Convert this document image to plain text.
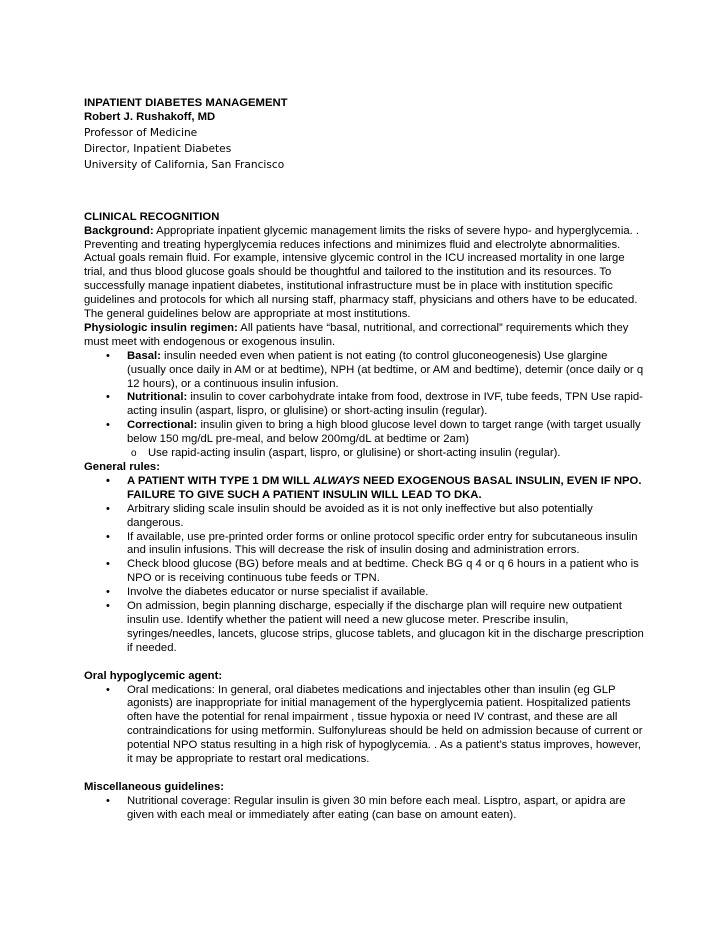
INPATIENT DIABETES MANAGEMENT

Robert J. Rushakoff, MD

Professor of Medicine

Director, Inpatient Diabetes

University of California, San Francisco

CLINICAL RECOGNITION

Background: Appropriate inpatient glycemic management limits the risks of severe hypo- and hyperglycemia. . Preventing and treating hyperglycemia reduces infections and minimizes fluid and electrolyte abnormalities. Actual goals remain fluid. For example, intensive glycemic control in the ICU increased mortality in one large trial, and thus blood glucose goals should be thoughtful and tailored to the institution and its resources. To successfully manage inpatient diabetes, institutional infrastructure must be in place with institution specific guidelines and protocols for which all nursing staff, pharmacy staff, physicians and others have to be educated. The general guidelines below are appropriate at most institutions.

Physiologic insulin regimen: All patients have “basal, nutritional, and correctional” requirements which they must meet with endogenous or exogenous insulin.

• Basal: insulin needed even when patient is not eating (to control gluconeogenesis) Use glargine (usually once daily in AM or at bedtime), NPH (at bedtime, or AM and bedtime), detemir (once daily or q 12 hours), or a continuous insulin infusion.
• Nutritional: insulin to cover carbohydrate intake from food, dextrose in IVF, tube feeds, TPN Use rapid-acting insulin (aspart, lispro, or glulisine) or short-acting insulin (regular).
• Correctional: insulin given to bring a high blood glucose level down to target range (with target usually below 150 mg/dL pre-meal, and below 200mg/dL at bedtime or 2am)
o Use rapid-acting insulin (aspart, lispro, or glulisine) or short-acting insulin (regular).

General rules:

• A PATIENT WITH TYPE 1 DM WILL ALWAYS NEED EXOGENOUS BASAL INSULIN, EVEN IF NPO. FAILURE TO GIVE SUCH A PATIENT INSULIN WILL LEAD TO DKA.
• Arbitrary sliding scale insulin should be avoided as it is not only ineffective but also potentially dangerous.
• If available, use pre-printed order forms or online protocol specific order entry for subcutaneous insulin and insulin infusions. This will decrease the risk of insulin dosing and administration errors.
• Check blood glucose (BG) before meals and at bedtime. Check BG q 4 or q 6 hours in a patient who is NPO or is receiving continuous tube feeds or TPN.
• Involve the diabetes educator or nurse specialist if available.
• On admission, begin planning discharge, especially if the discharge plan will require new outpatient insulin use. Identify whether the patient will need a new glucose meter. Prescribe insulin, syringes/needles, lancets, glucose strips, glucose tablets, and glucagon kit in the discharge prescription if needed.

Oral hypoglycemic agent:

• Oral medications: In general, oral diabetes medications and injectables other than insulin (eg GLP agonists) are inappropriate for initial management of the hyperglycemia patient. Hospitalized patients often have the potential for renal impairment , tissue hypoxia or need IV contrast, and these are all contraindications for using metformin. Sulfonylureas should be held on admission because of current or potential NPO status resulting in a high risk of hypoglycemia. . As a patient’s status improves, however, it may be appropriate to restart oral medications.

Miscellaneous guidelines:

• Nutritional coverage: Regular insulin is given 30 min before each meal. Lisptro, aspart, or apidra are given with each meal or immediately after eating (can base on amount eaten).
